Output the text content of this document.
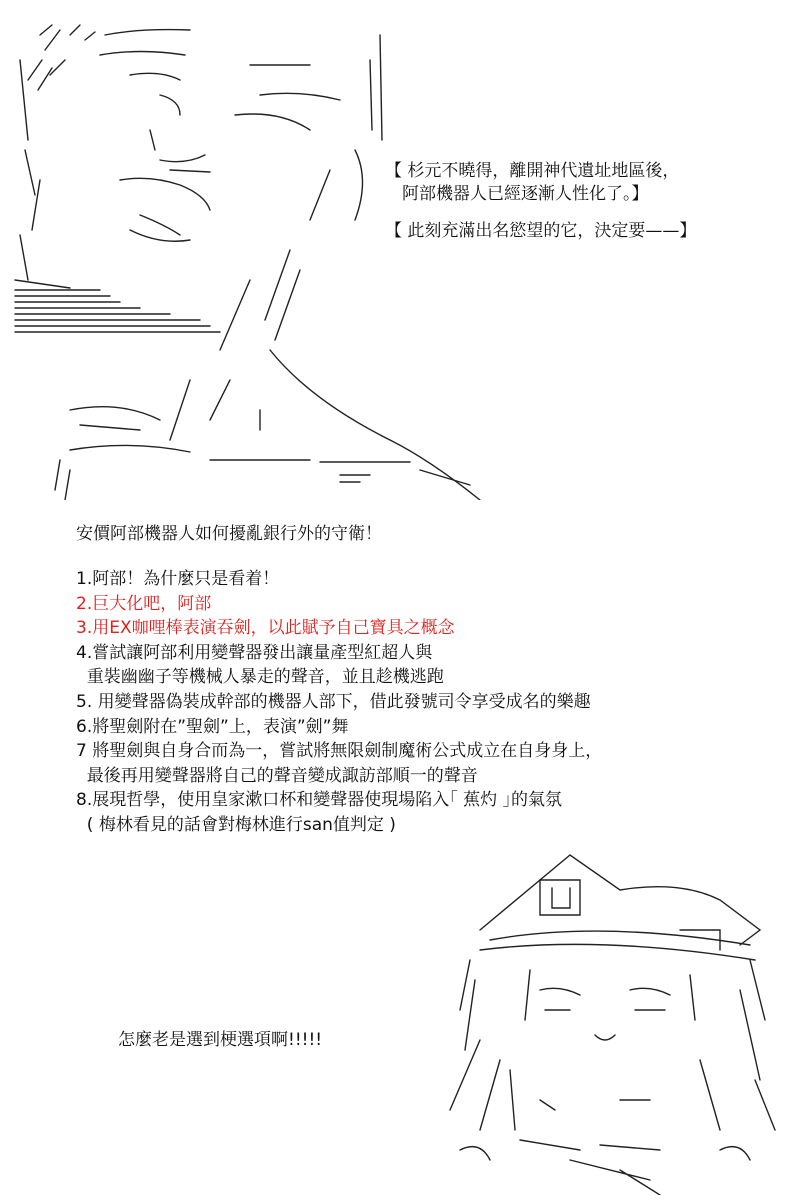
【 杉元不曉得，離開神代遺址地區後，
　阿部機器人已經逐漸人性化了。】
【 此刻充滿出名慾望的它，決定要——】
安價阿部機器人如何擾亂銀行外的守衛！
1.阿部！為什麼只是看着！
2.巨大化吧，阿部
3.用EX咖哩棒表演吞劍，以此賦予自己寶具之概念
4.嘗試讓阿部利用變聲器發出讓量產型紅超人與
重裝幽幽子等機械人暴走的聲音，並且趁機逃跑
5. 用變聲器偽裝成幹部的機器人部下，借此發號司令享受成名的樂趣
6.將聖劍附在”聖劍”上，表演”劍”舞
7 將聖劍與自身合而為一，嘗試將無限劍制魔術公式成立在自身身上，
最後再用變聲器將自己的聲音變成諏訪部順一的聲音
8.展現哲學，使用皇家漱口杯和變聲器使現場陷入｢ 蕉灼 ｣的氣氛
( 梅林看見的話會對梅林進行san值判定 )
怎麼老是選到梗選項啊!!!!!
